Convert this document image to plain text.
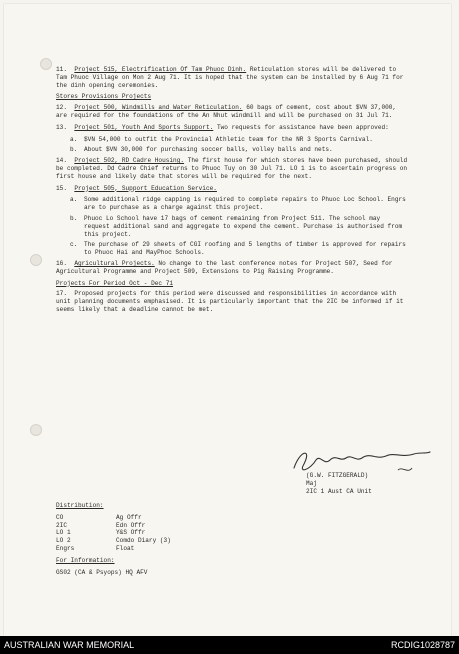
11. Project 515, Electrification Of Tam Phuoc Dinh. Reticulation stores will be delivered to Tam Phuoc Village on Mon 2 Aug 71. It is hoped that the system can be installed by 6 Aug 71 for the dinh opening ceremonies.

Stores Provisions Projects

12. Project 500, Windmills and Water Reticulation. 60 bags of cement, cost about $VN 37,000, are required for the foundations of the An Nhut windmill and will be purchased on 31 Jul 71.

13. Project 501, Youth And Sports Support. Two requests for assistance have been approved:

a.	$VN 54,000 to outfit the Provincial Athletic team for the NR 3 Sports Carnival.
b.	About $VN 30,000 for purchasing soccer balls, volley balls and nets.

14. Project 502, RD Cadre Housing. The first house for which stores have been purchased, should be completed. Dd Cadre Chief returns to Phuoc Tuy on 30 Jul 71. LO 1 is to ascertain progress on first house and likely date that stores will be required for the next.

15. Project 505, Support Education Service.

a.	Some additional ridge capping is required to complete repairs to Phuoc Loc School. Engrs are to purchase as a charge against this project.
b.	Phuoc Lo School have 17 bags of cement remaining from Project 511. The school may request additional sand and aggregate to expend the cement. Purchase is authorised from this project.
c.	The purchase of 29 sheets of CGI roofing and 5 lengths of timber is approved for repairs to Phuoc Hai and MayPhoc Schools.

16. Agricultural Projects. No change to the last conference notes for Project 507, Seed for Agricultural Programme and Project 509, Extensions to Pig Raising Programme.

Projects For Period Oct - Dec 71

17. Proposed projects for this period were discussed and responsibilities in accordance with unit planning documents emphasised. It is particularly important that the 2IC be informed if it seems likely that a deadline cannot be met.

(G.W. FITZGERALD)
Maj
2IC 1 Aust CA Unit
Distribution:
CO	Ag Offr
2IC	Edn Offr
LO 1	Y&S Offr
LO 2	Comdo Diary (3)
Engrs	Float
For Information:
GS02 (CA & Psyops) HQ AFV
AUSTRALIAN WAR MEMORIAL	RCDIG1028787
